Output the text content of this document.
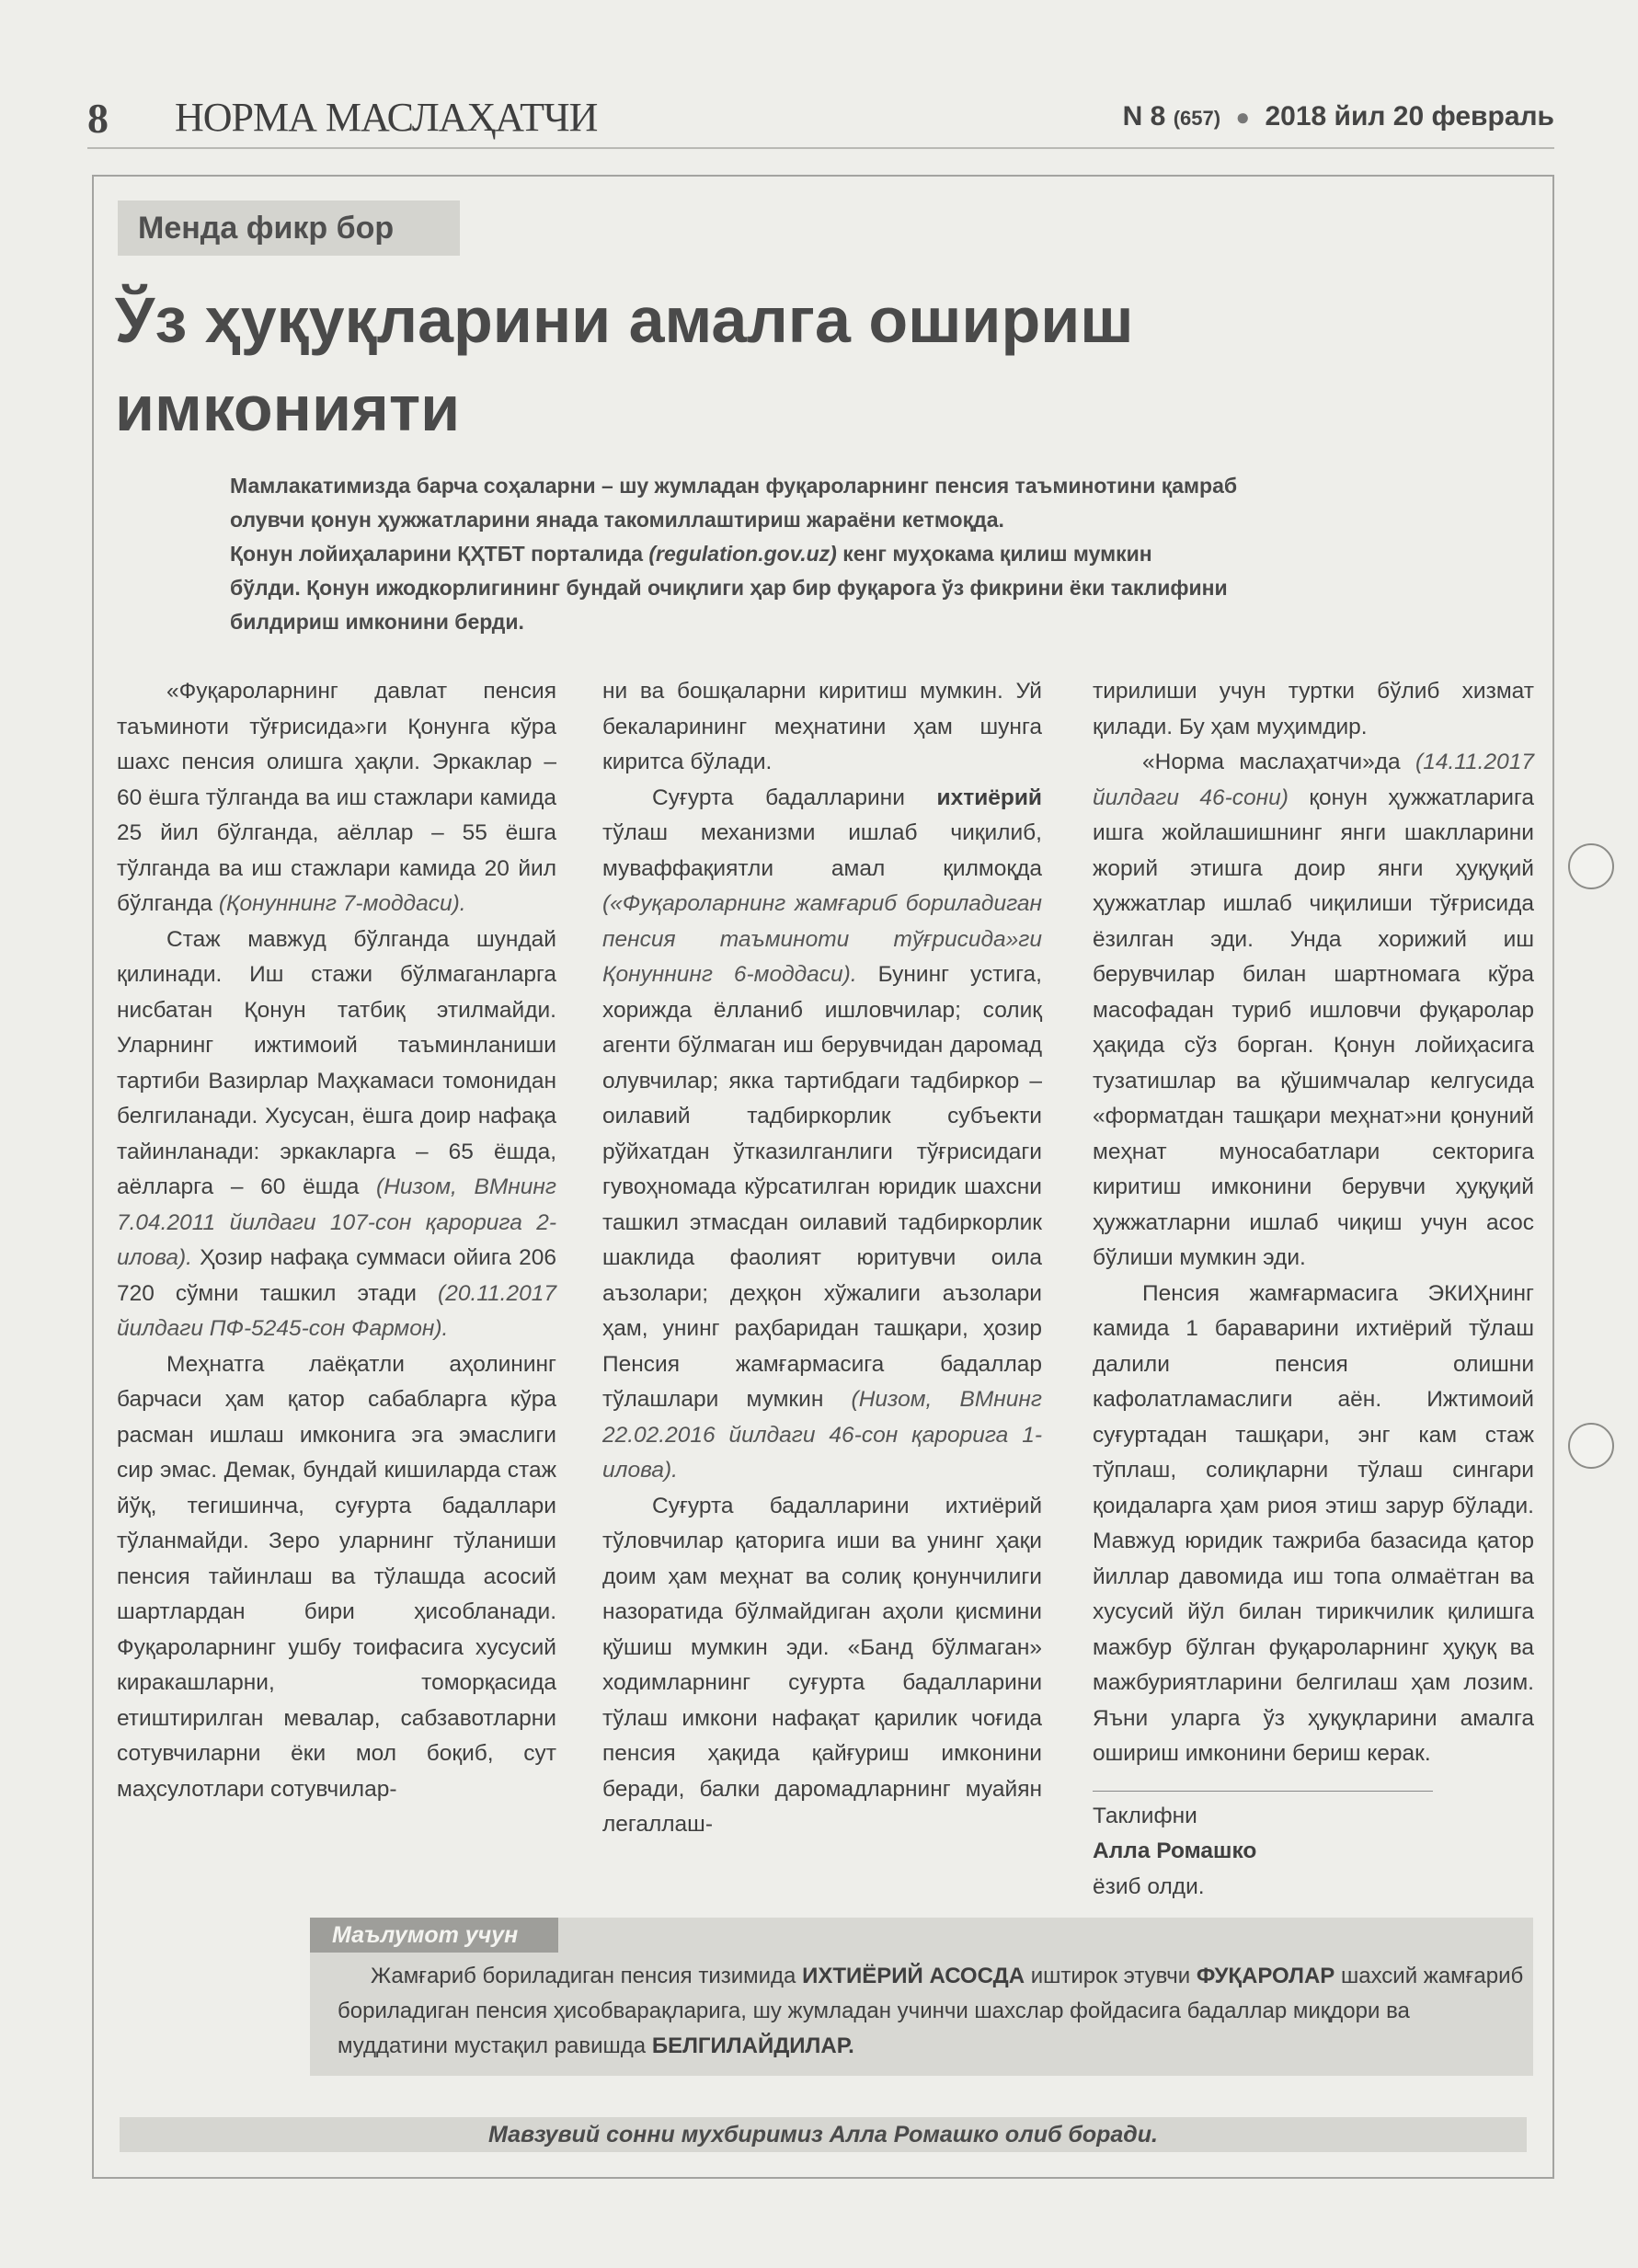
8 НОРМА МАСЛАҲАТЧИ	N 8 (657) ● 2018 йил 20 февраль
Менда фикр бор
Ўз ҳуқуқларини амалга ошириш
имконияти
Мамлакатимизда барча соҳаларни – шу жумладан фуқароларнинг пенсия таъминотини қамраб
олувчи қонун ҳужжатларини янада такомиллаштириш жараёни кетмоқда.
Қонун лойиҳаларини ҚҲТБТ порталида (regulation.gov.uz) кенг муҳокама қилиш мумкин
бўлди. Қонун ижодкорлигининг бундай очиқлиги ҳар бир фуқарога ўз фикрини ёки таклифини
билдириш имконини берди.

«Фуқароларнинг давлат пенсия таъминоти тўғрисида»ги Қонунга кўра шахс пенсия олишга ҳақли. Эркаклар – 60 ёшга тўлганда ва иш стажлари камида 25 йил бўлганда, аёллар – 55 ёшга тўлганда ва иш стажлари камида 20 йил бўлганда (Қонуннинг 7-моддаси).

Стаж мавжуд бўлганда шундай қилинади. Иш стажи бўлмаганларга нисбатан Қонун татбиқ этилмайди. Уларнинг ижтимоий таъминланиши тартиби Вазирлар Маҳкамаси томонидан белгиланади. Хусусан, ёшга доир нафақа тайинланади: эркакларга – 65 ёшда, аёлларга – 60 ёшда (Низом, ВМнинг 7.04.2011 йилдаги 107-сон қарорига 2-илова). Ҳозир нафақа суммаси ойига 206 720 сўмни ташкил этади (20.11.2017 йилдаги ПФ-5245-сон Фармон).

Меҳнатга лаёқатли аҳолининг барчаси ҳам қатор сабабларга кўра расман ишлаш имконига эга эмаслиги сир эмас. Демак, бундай кишиларда стаж йўқ, тегишинча, суғурта бадаллари тўланмайди. Зеро уларнинг тўланиши пенсия тайинлаш ва тўлашда асосий шартлардан бири ҳисобланади. Фуқароларнинг ушбу тоифасига хусусий киракашларни, томорқасида етиштирилган мевалар, сабзавотларни сотувчиларни ёки мол боқиб, сут маҳсулотлари сотувчилар-

ни ва бошқаларни киритиш мумкин. Уй бекаларининг меҳнатини ҳам шунга киритса бўлади.

Суғурта бадалларини ихтиёрий тўлаш механизми ишлаб чиқилиб, муваффақиятли амал қилмоқда («Фуқароларнинг жамғариб бориладиган пенсия таъминоти тўғрисида»ги Қонуннинг 6-моддаси). Бунинг устига, хорижда ёлланиб ишловчилар; солиқ агенти бўлмаган иш берувчидан даромад олувчилар; якка тартибдаги тадбиркор – оилавий тадбиркорлик субъекти рўйхатдан ўтказилганлиги тўғрисидаги гувоҳномада кўрсатилган юридик шахсни ташкил этмасдан оилавий тадбиркорлик шаклида фаолият юритувчи оила аъзолари; деҳқон хўжалиги аъзолари ҳам, унинг раҳбаридан ташқари, ҳозир Пенсия жамғармасига бадаллар тўлашлари мумкин (Низом, ВМнинг 22.02.2016 йилдаги 46-сон қарорига 1-илова).

Суғурта бадалларини ихтиёрий тўловчилар қаторига иши ва унинг ҳақи доим ҳам меҳнат ва солиқ қонунчилиги назоратида бўлмайдиган аҳоли қисмини қўшиш мумкин эди. «Банд бўлмаган» ходимларнинг суғурта бадалларини тўлаш имкони нафақат қарилик чоғида пенсия ҳақида қайғуриш имконини беради, балки даромадларнинг муайян легаллаш-

тирилиши учун туртки бўлиб хизмат қилади. Бу ҳам муҳимдир.

«Норма маслаҳатчи»да (14.11.2017 йилдаги 46-сони) қонун ҳужжатларига ишга жойлашишнинг янги шаклларини жорий этишга доир янги ҳуқуқий ҳужжатлар ишлаб чиқилиши тўғрисида ёзилган эди. Унда хорижий иш берувчилар билан шартномага кўра масофадан туриб ишловчи фуқаролар ҳақида сўз борган. Қонун лойиҳасига тузатишлар ва қўшимчалар келгусида «форматдан ташқари меҳнат»ни қонуний меҳнат муносабатлари секторига киритиш имконини берувчи ҳуқуқий ҳужжатларни ишлаб чиқиш учун асос бўлиши мумкин эди.

Пенсия жамғармасига ЭКИҲнинг камида 1 бараварини ихтиёрий тўлаш далили пенсия олишни кафолатламаслиги аён. Ижтимоий суғуртадан ташқари, энг кам стаж тўплаш, солиқларни тўлаш сингари қоидаларга ҳам риоя этиш зарур бўлади. Мавжуд юридик тажриба базасида қатор йиллар давомида иш топа олмаётган ва хусусий йўл билан тирикчилик қилишга мажбур бўлган фуқароларнинг ҳуқуқ ва мажбуриятларини белгилаш ҳам лозим. Яъни уларга ўз ҳуқуқларини амалга ошириш имконини бериш керак.

Таклифни
Алла Ромашко
ёзиб олди.
Маълумот учун
Жамғариб бориладиган пенсия тизимида ИХТИЁРИЙ АСОСДА иштирок этувчи ФУҚАРОЛАР шахсий жамғариб бориладиган пенсия ҳисобварақларига, шу жумладан учинчи шахслар фойдасига бадаллар миқдори ва муддатини мустақил равишда БЕЛГИЛАЙДИЛАР.
Мавзувий сонни мухбиримиз Алла Ромашко олиб боради.
